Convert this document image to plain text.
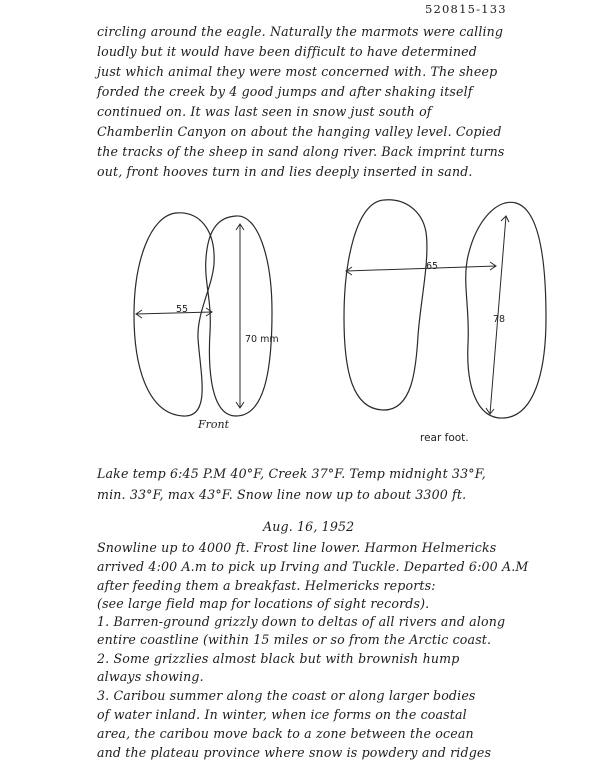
520815-133
circling around the eagle. Naturally the marmots were calling
loudly but it would have been difficult to have determined
just which animal they were most concerned with. The sheep
forded the creek by 4 good jumps and after shaking itself
continued on. It was last seen in snow just south of
Chamberlin Canyon on about the hanging valley level. Copied
the tracks of the sheep in sand along river. Back imprint turns
out, front hooves turn in and lies deeply inserted in sand.
55
70 mm
Front
65
78
rear foot.
Lake temp 6:45 P.M 40°F, Creek 37°F. Temp midnight 33°F,
min. 33°F, max 43°F. Snow line now up to about 3300 ft.
Aug. 16, 1952
Snowline up to 4000 ft. Frost line lower. Harmon Helmericks
arrived 4:00 A.m to pick up Irving and Tuckle. Departed 6:00 A.M
after feeding them a breakfast. Helmericks reports:
(see large field map for locations of sight records).
1. Barren-ground grizzly down to deltas of all rivers and along
entire coastline (within 15 miles or so from the Arctic coast.
2. Some grizzlies almost black but with brownish hump
always showing.
3. Caribou summer along the coast or along larger bodies
of water inland. In winter, when ice forms on the coastal
area, the caribou move back to a zone between the ocean
and the plateau province where snow is powdery and ridges
